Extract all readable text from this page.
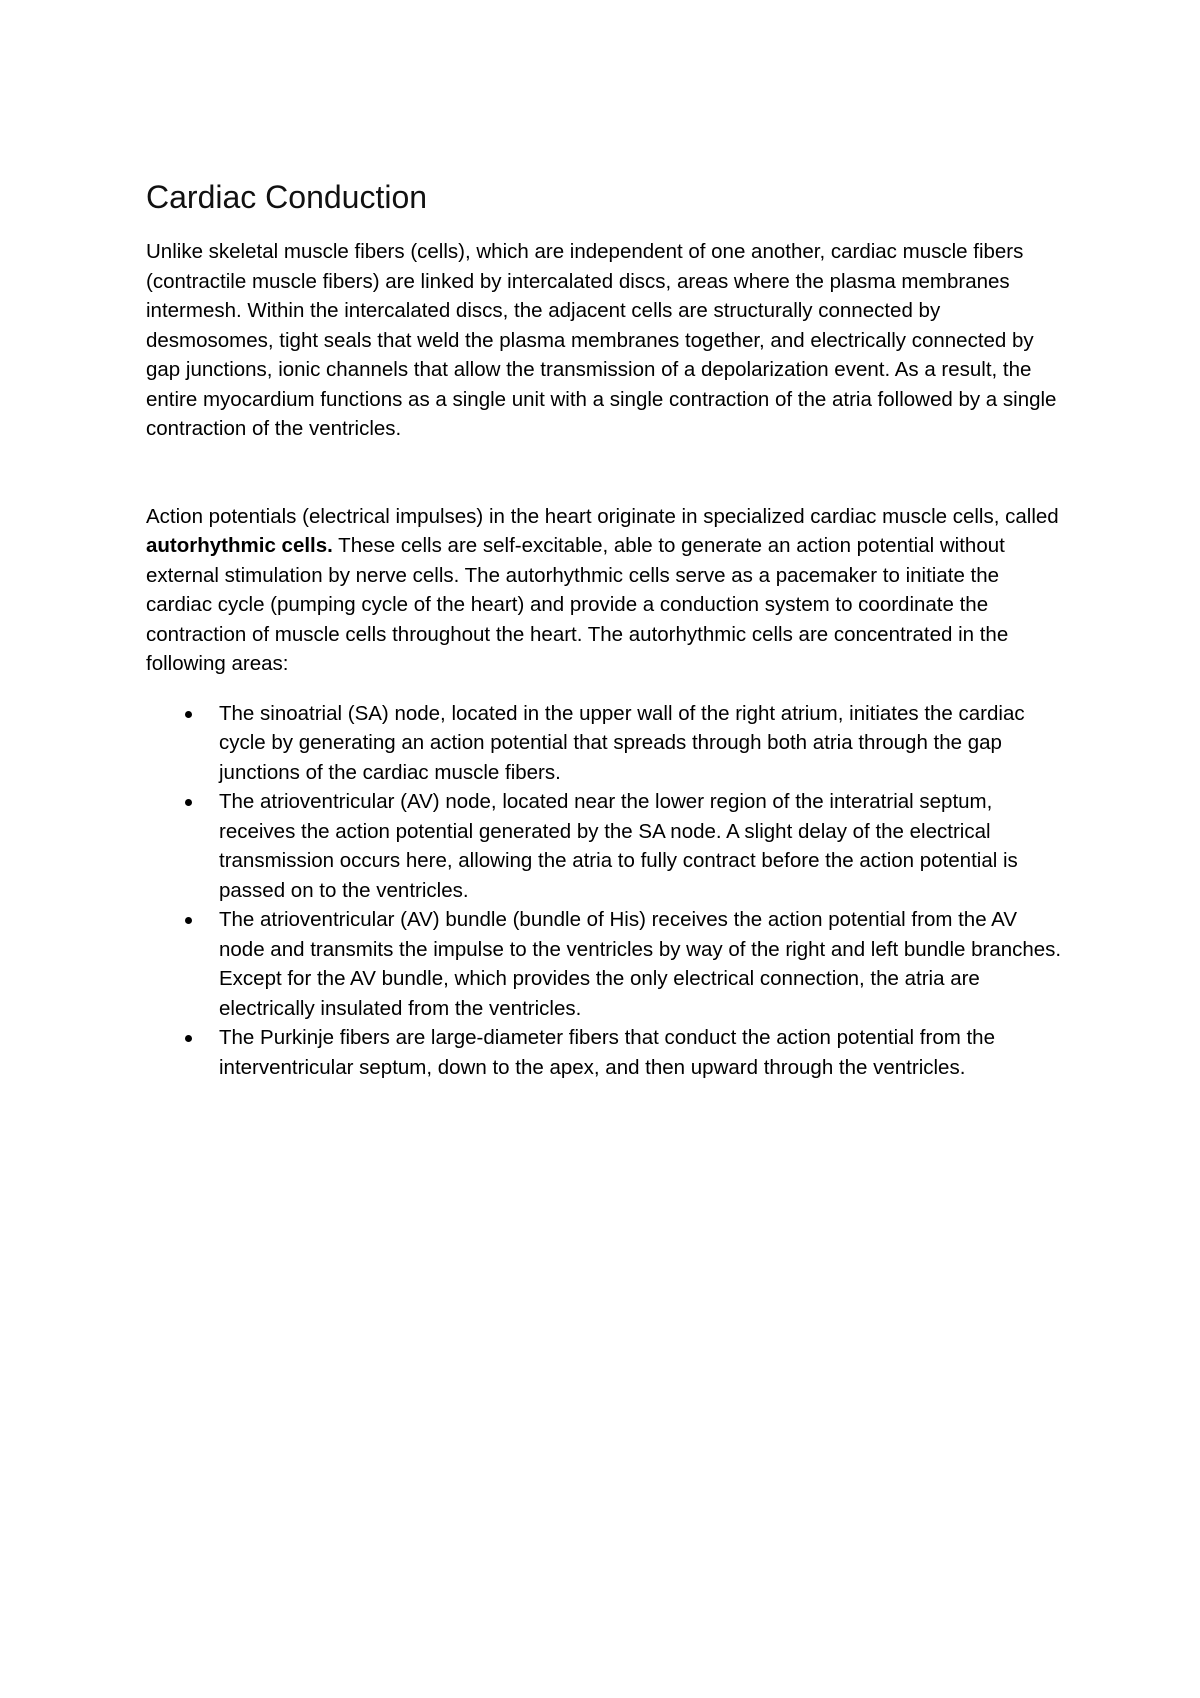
Cardiac Conduction

Unlike skeletal muscle fibers (cells), which are independent of one another, cardiac muscle fibers (contractile muscle fibers) are linked by intercalated discs, areas where the plasma membranes intermesh. Within the intercalated discs, the adjacent cells are structurally connected by desmosomes, tight seals that weld the plasma membranes together, and electrically connected by gap junctions, ionic channels that allow the transmission of a depolarization event. As a result, the entire myocardium functions as a single unit with a single contraction of the atria followed by a single contraction of the ventricles.

Action potentials (electrical impulses) in the heart originate in specialized cardiac muscle cells, called autorhythmic cells. These cells are self-excitable, able to generate an action potential without external stimulation by nerve cells. The autorhythmic cells serve as a pacemaker to initiate the cardiac cycle (pumping cycle of the heart) and provide a conduction system to coordinate the contraction of muscle cells throughout the heart. The autorhythmic cells are concentrated in the following areas:

The sinoatrial (SA) node, located in the upper wall of the right atrium, initiates the cardiac cycle by generating an action potential that spreads through both atria through the gap junctions of the cardiac muscle fibers.
The atrioventricular (AV) node, located near the lower region of the interatrial septum, receives the action potential generated by the SA node. A slight delay of the electrical transmission occurs here, allowing the atria to fully contract before the action potential is passed on to the ventricles.
The atrioventricular (AV) bundle (bundle of His) receives the action potential from the AV node and transmits the impulse to the ventricles by way of the right and left bundle branches. Except for the AV bundle, which provides the only electrical connection, the atria are electrically insulated from the ventricles.
The Purkinje fibers are large-diameter fibers that conduct the action potential from the interventricular septum, down to the apex, and then upward through the ventricles.
